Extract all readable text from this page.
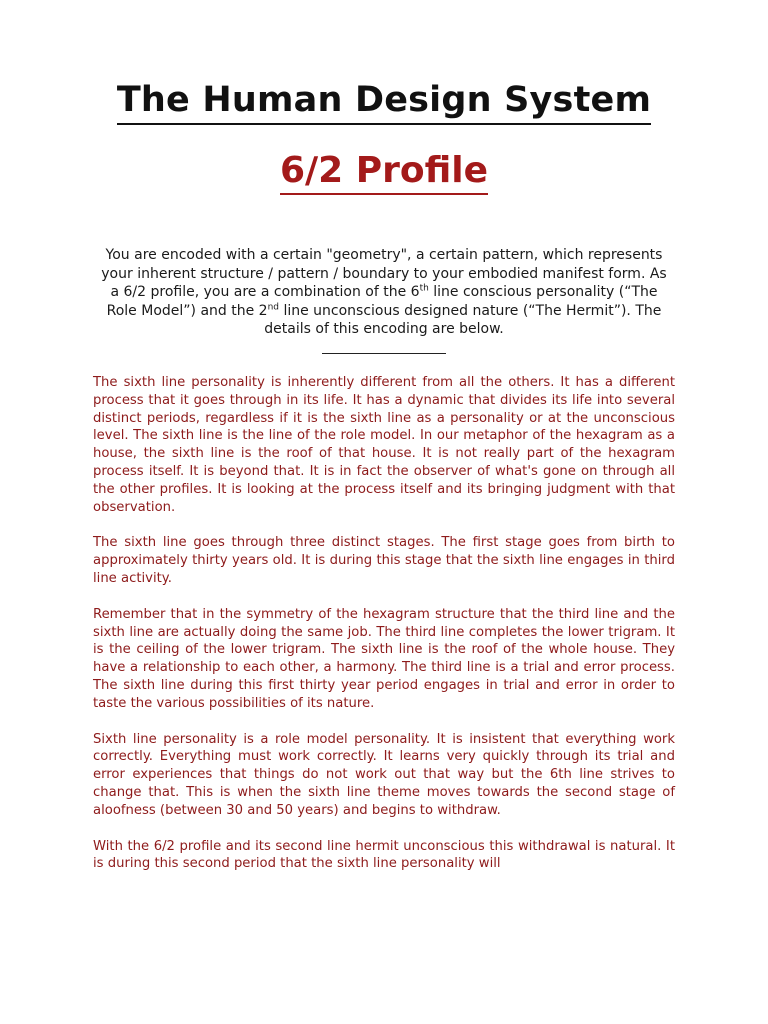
The Human Design System
6/2 Profile
You are encoded with a certain "geometry", a certain pattern, which represents your inherent structure / pattern / boundary to your embodied manifest form. As a 6/2 profile, you are a combination of the 6th line conscious personality (“The Role Model”) and the 2nd line unconscious designed nature (“The Hermit”). The details of this encoding are below.

The sixth line personality is inherently different from all the others. It has a different process that it goes through in its life. It has a dynamic that divides its life into several distinct periods, regardless if it is the sixth line as a personality or at the unconscious level. The sixth line is the line of the role model. In our metaphor of the hexagram as a house, the sixth line is the roof of that house. It is not really part of the hexagram process itself. It is beyond that. It is in fact the observer of what's gone on through all the other profiles. It is looking at the process itself and its bringing judgment with that observation.

The sixth line goes through three distinct stages. The first stage goes from birth to approximately thirty years old. It is during this stage that the sixth line engages in third line activity.

Remember that in the symmetry of the hexagram structure that the third line and the sixth line are actually doing the same job. The third line completes the lower trigram. It is the ceiling of the lower trigram. The sixth line is the roof of the whole house. They have a relationship to each other, a harmony. The third line is a trial and error process. The sixth line during this first thirty year period engages in trial and error in order to taste the various possibilities of its nature.

Sixth line personality is a role model personality. It is insistent that everything work correctly. Everything must work correctly. It learns very quickly through its trial and error experiences that things do not work out that way but the 6th line strives to change that. This is when the sixth line theme moves towards the second stage of aloofness (between 30 and 50 years) and begins to withdraw.

With the 6/2 profile and its second line hermit unconscious this withdrawal is natural. It is during this second period that the sixth line personality will
